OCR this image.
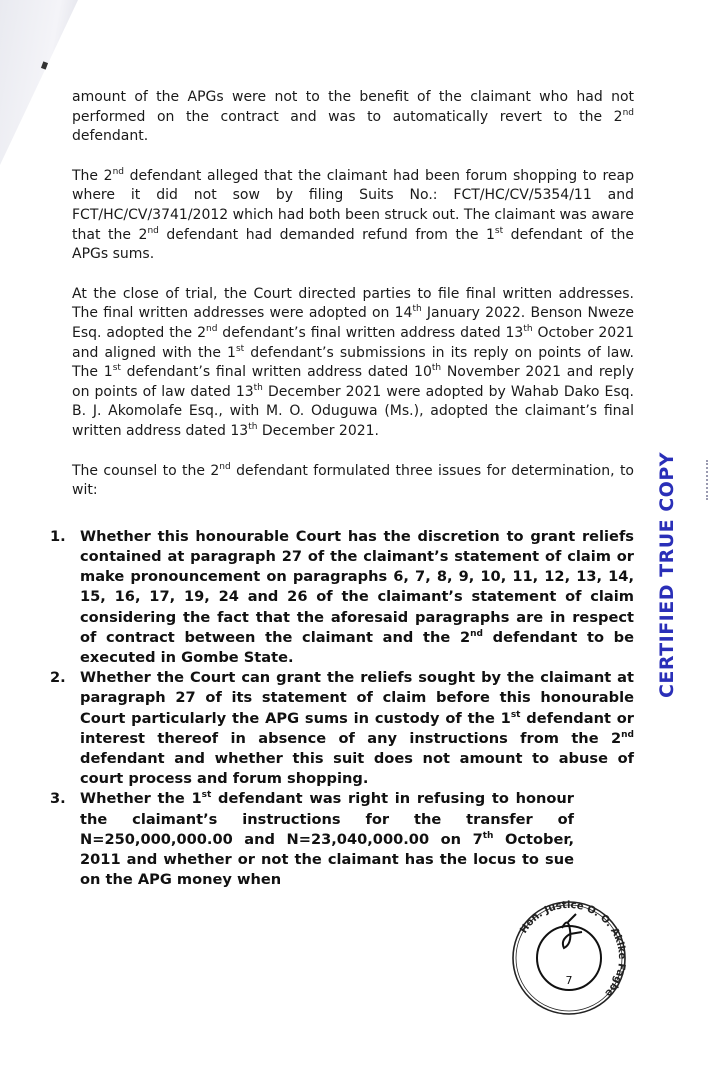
amount of the APGs were not to the benefit of the claimant who had not performed on the contract and was to automatically revert to the 2nd defendant.
The 2nd defendant alleged that the claimant had been forum shopping to reap where it did not sow by filing Suits No.: FCT/HC/CV/5354/11 and FCT/HC/CV/3741/2012 which had both been struck out. The claimant was aware that the 2nd defendant had demanded refund from the 1st defendant of the APGs sums.
At the close of trial, the Court directed parties to file final written addresses. The final written addresses were adopted on 14th January 2022. Benson Nweze Esq. adopted the 2nd defendant’s final written address dated 13th October 2021 and aligned with the 1st defendant’s submissions in its reply on points of law. The 1st defendant’s final written address dated 10th November 2021 and reply on points of law dated 13th December 2021 were adopted by Wahab Dako Esq. B. J. Akomolafe Esq., with M. O. Oduguwa (Ms.), adopted the claimant’s final written address dated 13th December 2021.
The counsel to the 2nd defendant formulated three issues for determination, to wit:
1. Whether this honourable Court has the discretion to grant reliefs contained at paragraph 27 of the claimant’s statement of claim or make pronouncement on paragraphs 6, 7, 8, 9, 10, 11, 12, 13, 14, 15, 16, 17, 19, 24 and 26 of the claimant’s statement of claim considering the fact that the aforesaid paragraphs are in respect of contract between the claimant and the 2nd defendant to be executed in Gombe State.
2. Whether the Court can grant the reliefs sought by the claimant at paragraph 27 of its statement of claim before this honourable Court particularly the APG sums in custody of the 1st defendant or interest thereof in absence of any instructions from the 2nd defendant and whether this suit does not amount to abuse of court process and forum shopping.
3. Whether the 1st defendant was right in refusing to honour the claimant’s instructions for the transfer of N=250,000,000.00 and N=23,040,000.00 on 7th October, 2011 and whether or not the claimant has the locus to sue on the APG money when
Hon. Justice O. O. Akike Fagbe
7
CERTIFIED TRUE COPY
